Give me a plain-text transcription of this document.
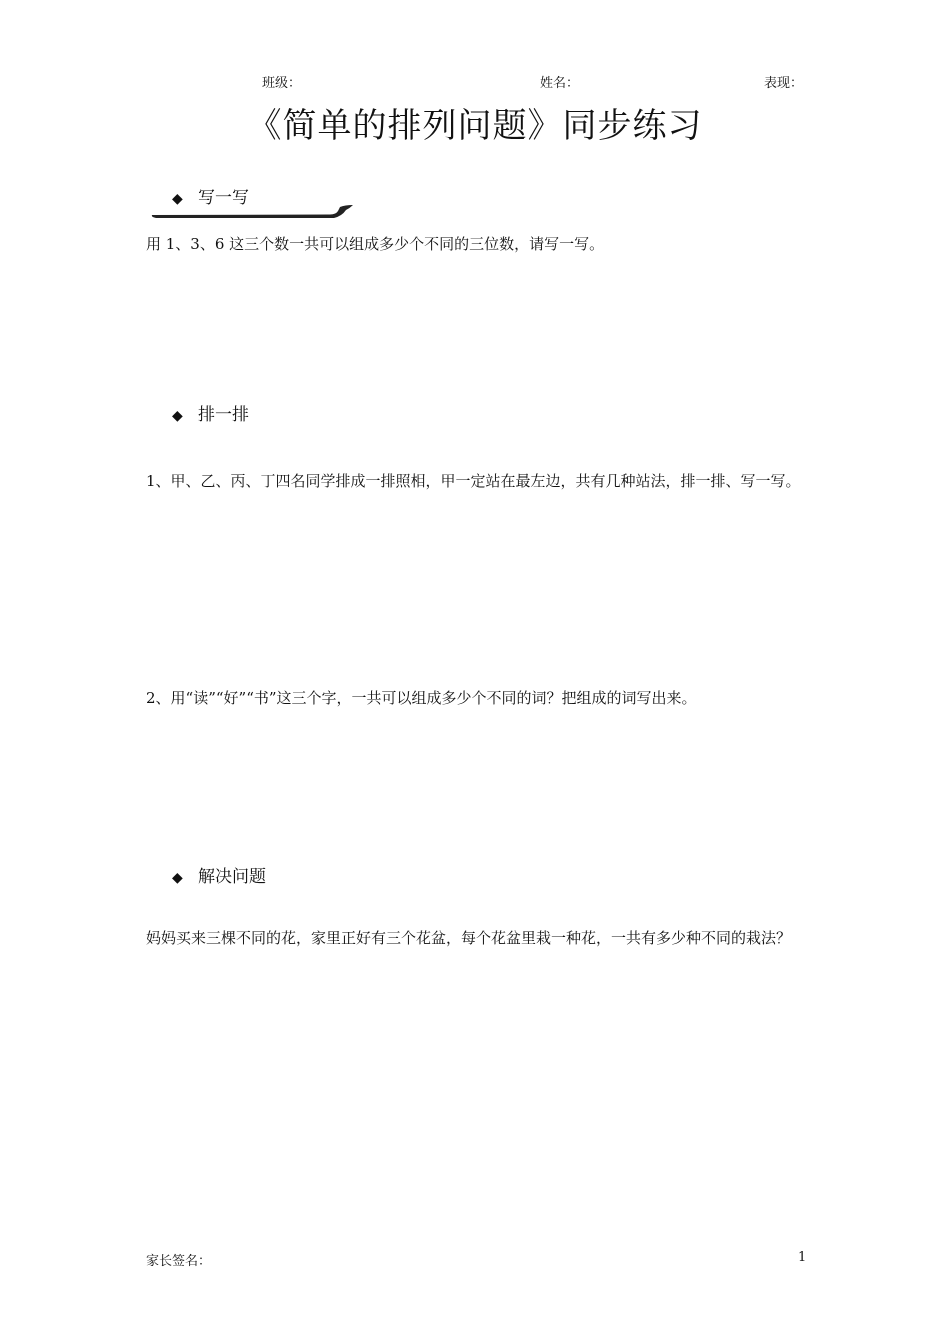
班级：	姓名：	表现：
《简单的排列问题》同步练习
◆ 写一写
用 1、3、6 这三个数一共可以组成多少个不同的三位数，请写一写。
◆ 排一排
1、甲、乙、丙、丁四名同学排成一排照相，甲一定站在最左边，共有几种站法，排一排、写一写。
2、用“读”“好”“书”这三个字，一共可以组成多少个不同的词？把组成的词写出来。
◆ 解决问题
妈妈买来三棵不同的花，家里正好有三个花盆，每个花盆里栽一种花，一共有多少种不同的栽法？
家长签名：	1
